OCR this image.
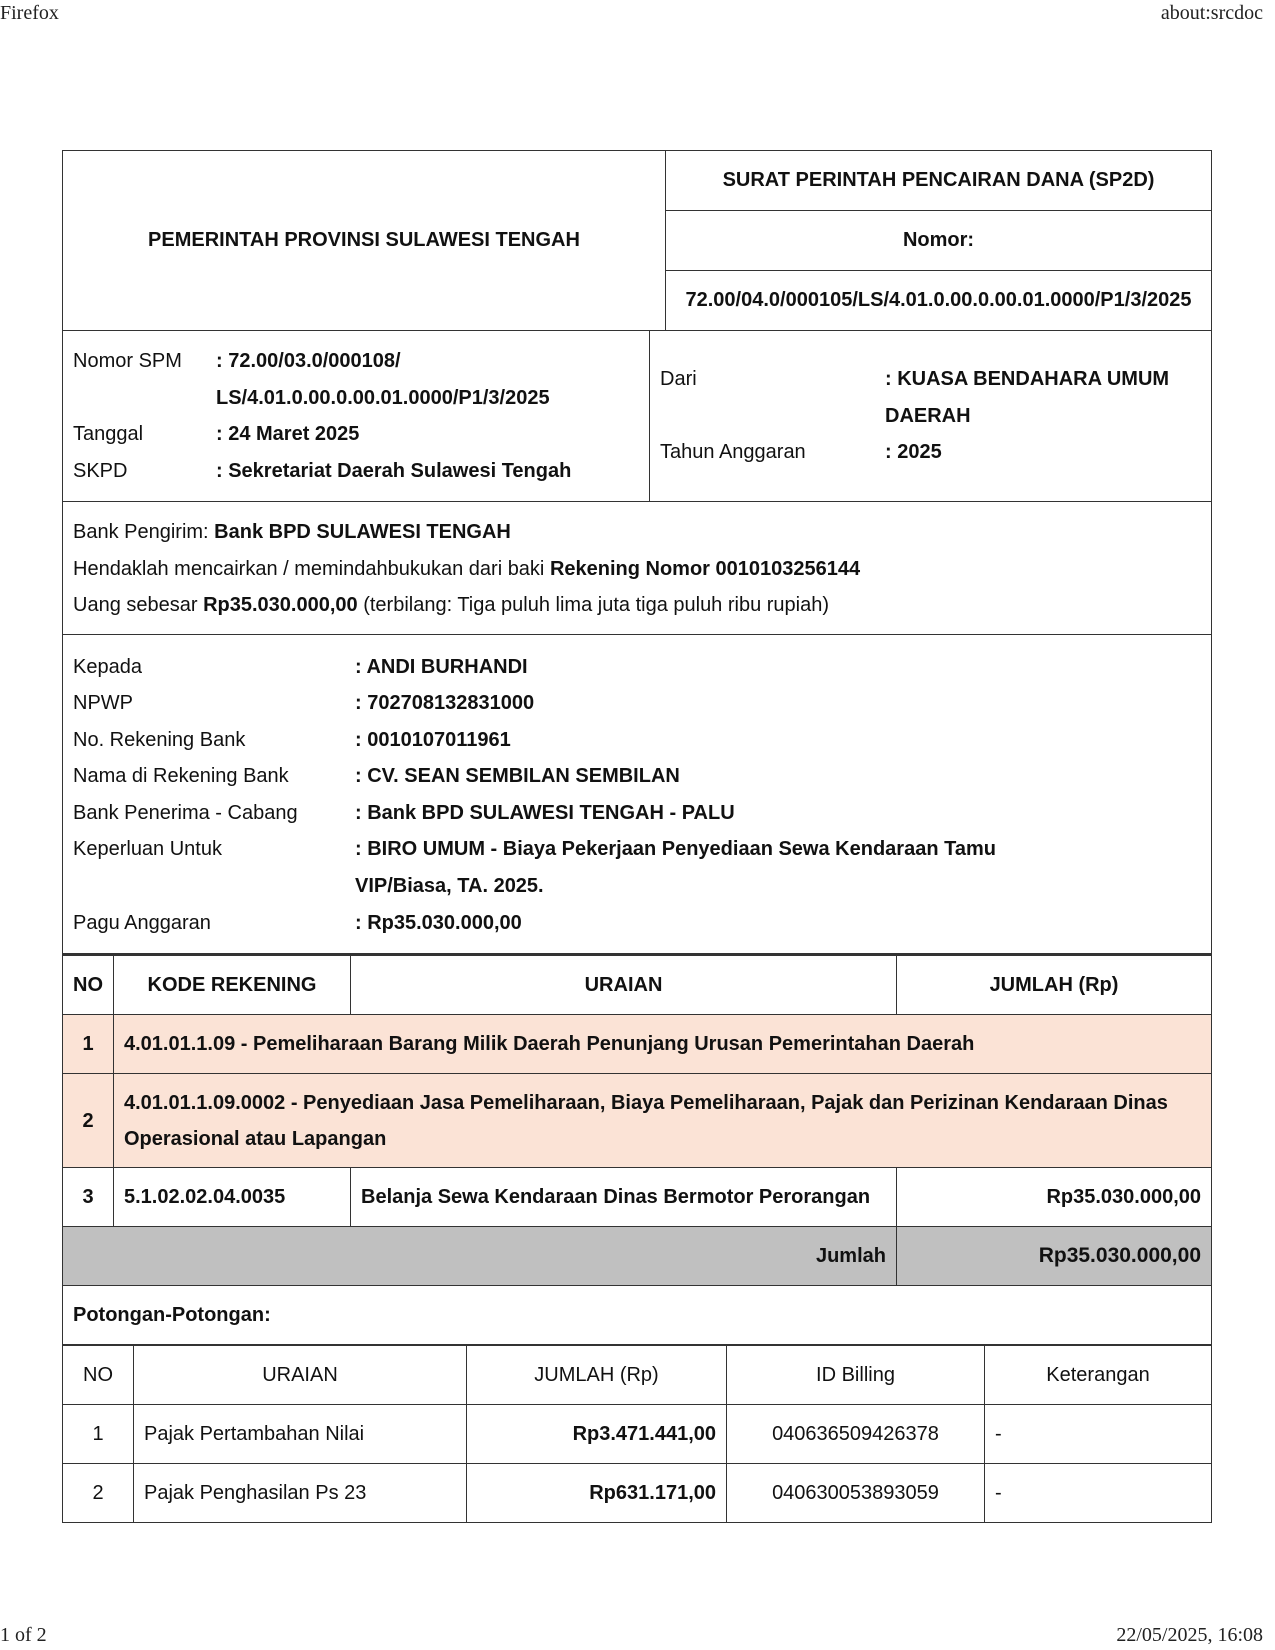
Firefox	about:srcdoc
PEMERINTAH PROVINSI SULAWESI TENGAH	SURAT PERINTAH PENCAIRAN DANA (SP2D)
Nomor:
72.00/04.0/000105/LS/4.01.0.00.0.00.01.0000/P1/3/2025
Nomor SPM	: 72.00/03.0/000108/
LS/4.01.0.00.0.00.01.0000/P1/3/2025
Tanggal	: 24 Maret 2025
SKPD	: Sekretariat Daerah Sulawesi Tengah

Dari	: KUASA BENDAHARA UMUM
DAERAH
Tahun Anggaran	: 2025
Bank Pengirim: Bank BPD SULAWESI TENGAH
Hendaklah mencairkan / memindahbukukan dari baki Rekening Nomor 0010103256144
Uang sebesar Rp35.030.000,00 (terbilang: Tiga puluh lima juta tiga puluh ribu rupiah)
Kepada	: ANDI BURHANDI
NPWP	: 702708132831000
No. Rekening Bank	: 0010107011961
Nama di Rekening Bank	: CV. SEAN SEMBILAN SEMBILAN
Bank Penerima - Cabang	: Bank BPD SULAWESI TENGAH - PALU
Keperluan Untuk	: BIRO UMUM - Biaya Pekerjaan Penyediaan Sewa Kendaraan Tamu
VIP/Biasa, TA. 2025.
Pagu Anggaran	: Rp35.030.000,00
NO	KODE REKENING	URAIAN	JUMLAH (Rp)
1	4.01.01.1.09 - Pemeliharaan Barang Milik Daerah Penunjang Urusan Pemerintahan Daerah		
2	4.01.01.1.09.0002 - Penyediaan Jasa Pemeliharaan, Biaya Pemeliharaan, Pajak dan Perizinan Kendaraan Dinas
Operasional atau Lapangan		

3	5.1.02.02.04.0035	Belanja Sewa Kendaraan Dinas Bermotor Perorangan	Rp35.030.000,00
Jumlah			Rp35.030.000,00
Potongan-Potongan:
NO	URAIAN	JUMLAH (Rp)	ID Billing	Keterangan
1	Pajak Pertambahan Nilai	Rp3.471.441,00	040636509426378	-
2	Pajak Penghasilan Ps 23	Rp631.171,00	040630053893059	-
1 of 2	22/05/2025, 16:08
